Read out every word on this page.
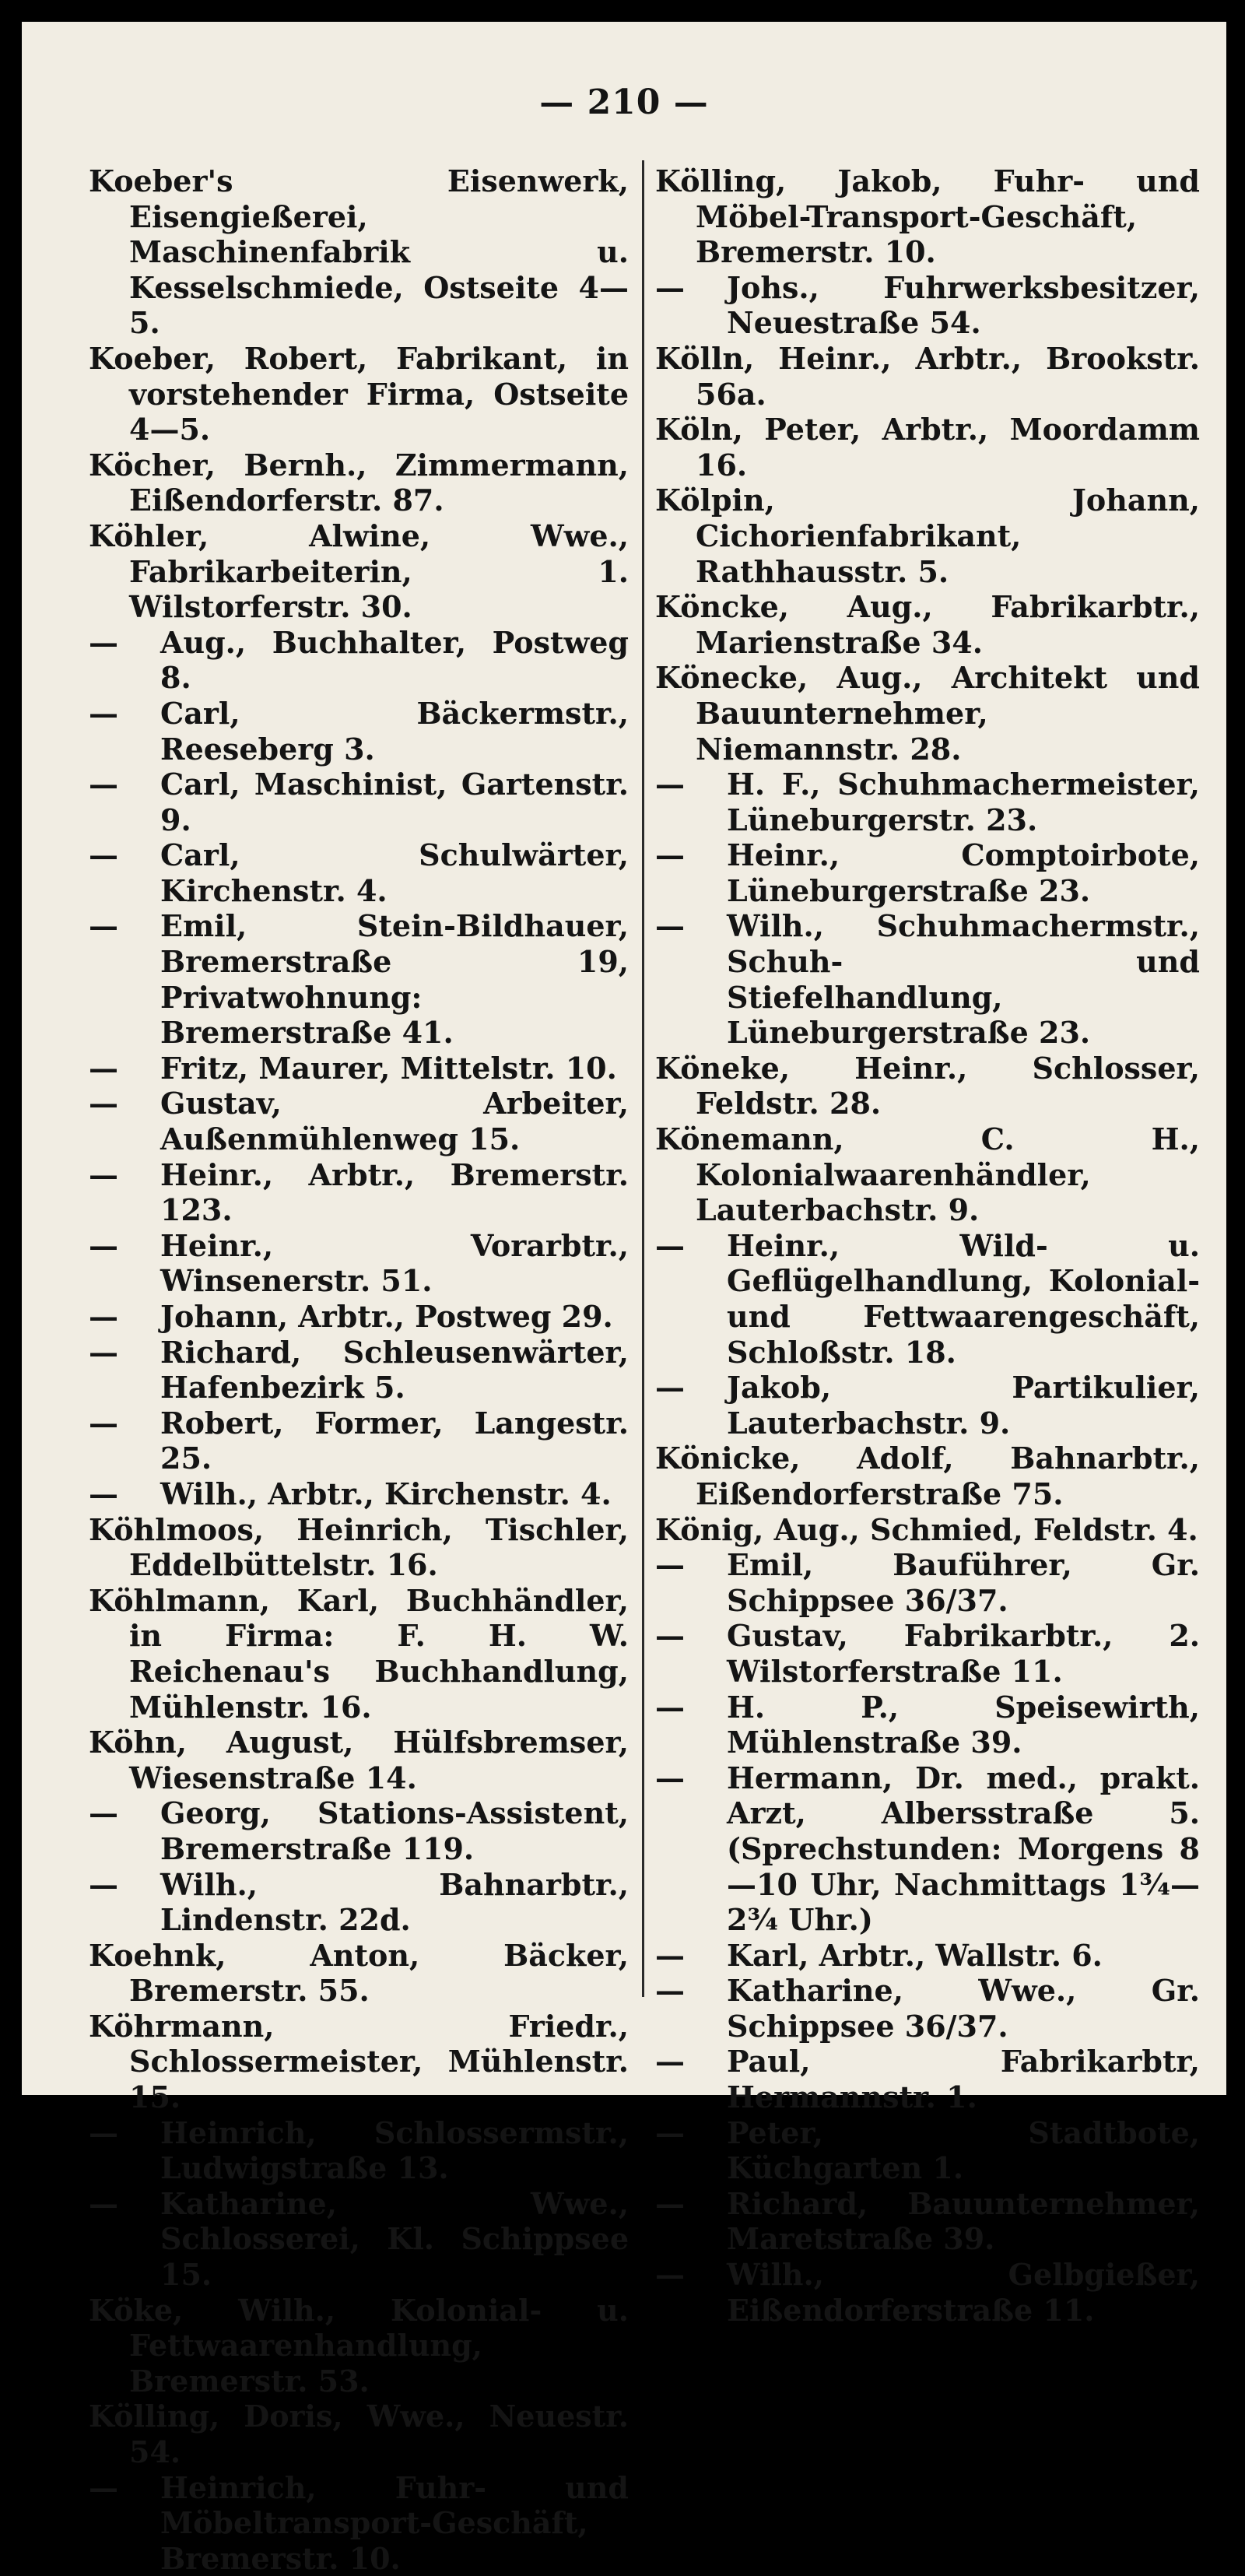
— 210 —
Koeber's Eisenwerk, Eisengießerei, Maschinenfabrik u. Kesselschmiede, Ostseite 4—5.
Koeber, Robert, Fabrikant, in vorstehender Firma, Ostseite 4—5.
Köcher, Bernh., Zimmermann, Eißendorferstr. 87.
Köhler, Alwine, Wwe., Fabrikarbeiterin, 1. Wilstorferstr. 30.
— Aug., Buchhalter, Postweg 8.
— Carl, Bäckermstr., Reeseberg 3.
— Carl, Maschinist, Gartenstr. 9.
— Carl, Schulwärter, Kirchenstr. 4.
— Emil, Stein-Bildhauer, Bremerstraße 19, Privatwohnung: Bremerstraße 41.
— Fritz, Maurer, Mittelstr. 10.
— Gustav, Arbeiter, Außenmühlenweg 15.
— Heinr., Arbtr., Bremerstr. 123.
— Heinr., Vorarbtr., Winsenerstr. 51.
— Johann, Arbtr., Postweg 29.
— Richard, Schleusenwärter, Hafenbezirk 5.
— Robert, Former, Langestr. 25.
— Wilh., Arbtr., Kirchenstr. 4.
Köhlmoos, Heinrich, Tischler, Eddelbüttelstr. 16.
Köhlmann, Karl, Buchhändler, in Firma: F. H. W. Reichenau's Buchhandlung, Mühlenstr. 16.
Köhn, August, Hülfsbremser, Wiesenstraße 14.
— Georg, Stations-Assistent, Bremerstraße 119.
— Wilh., Bahnarbtr., Lindenstr. 22d.
Koehnk, Anton, Bäcker, Bremerstr. 55.
Köhrmann, Friedr., Schlossermeister, Mühlenstr. 15.
— Heinrich, Schlossermstr., Ludwigstraße 13.
— Katharine, Wwe., Schlosserei, Kl. Schippsee 15.
Köke, Wilh., Kolonial- u. Fettwaarenhandlung, Bremerstr. 53.
Kölling, Doris, Wwe., Neuestr. 54.
— Heinrich, Fuhr- und Möbeltransport-Geschäft, Bremerstr. 10.
Kölling, Jakob, Fuhr- und Möbel-Transport-Geschäft, Bremerstr. 10.
— Johs., Fuhrwerksbesitzer, Neuestraße 54.
Kölln, Heinr., Arbtr., Brookstr. 56a.
Köln, Peter, Arbtr., Moordamm 16.
Kölpin, Johann, Cichorienfabrikant, Rathhausstr. 5.
Köncke, Aug., Fabrikarbtr., Marienstraße 34.
Könecke, Aug., Architekt und Bauunternehmer, Niemannstr. 28.
— H. F., Schuhmachermeister, Lüneburgerstr. 23.
— Heinr., Comptoirbote, Lüneburgerstraße 23.
— Wilh., Schuhmachermstr., Schuh- und Stiefelhandlung, Lüneburgerstraße 23.
Köneke, Heinr., Schlosser, Feldstr. 28.
Könemann, C. H., Kolonialwaarenhändler, Lauterbachstr. 9.
— Heinr., Wild- u. Geflügelhandlung, Kolonial- und Fettwaarengeschäft, Schloßstr. 18.
— Jakob, Partikulier, Lauterbachstr. 9.
Könicke, Adolf, Bahnarbtr., Eißendorferstraße 75.
König, Aug., Schmied, Feldstr. 4.
— Emil, Bauführer, Gr. Schippsee 36/37.
— Gustav, Fabrikarbtr., 2. Wilstorferstraße 11.
— H. P., Speisewirth, Mühlenstraße 39.
— Hermann, Dr. med., prakt. Arzt, Albersstraße 5. (Sprechstunden: Morgens 8—10 Uhr, Nachmittags 1¾—2¾ Uhr.)
— Karl, Arbtr., Wallstr. 6.
— Katharine, Wwe., Gr. Schippsee 36/37.
— Paul, Fabrikarbtr, Hermannstr. 1.
— Peter, Stadtbote, Küchgarten 1.
— Richard, Bauunternehmer, Maretstraße 39.
— Wilh., Gelbgießer, Eißendorferstraße 11.
